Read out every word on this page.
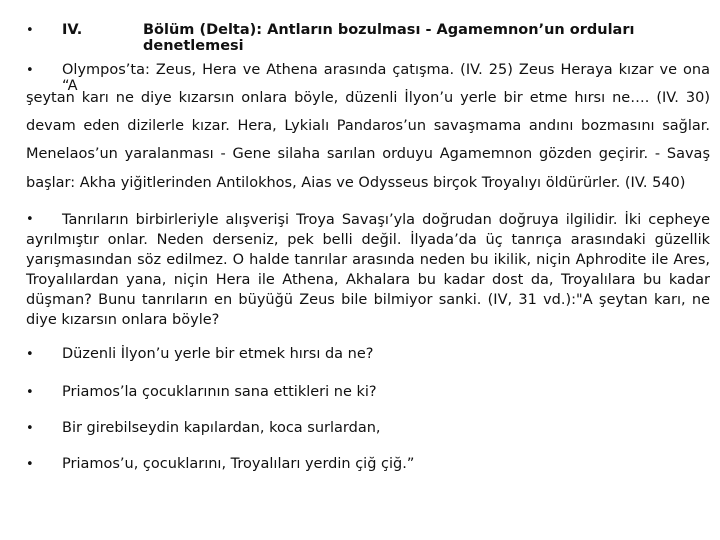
• IV.	Bölüm (Delta): Antların bozulması - Agamemnon’un orduları denetlemesi
• Olympos’ta: Zeus, Hera ve Athena arasında çatışma. (IV. 25) Zeus Heraya kızar ve ona “A
şeytan karı ne diye kızarsın onlara böyle, düzenli İlyon’u yerle bir etme hırsı ne…. (IV. 30)
devam eden dizilerle kızar. Hera, Lykialı Pandaros’un savaşmama andını bozmasını sağlar.
Menelaos’un yaralanması - Gene silaha sarılan orduyu Agamemnon gözden geçirir. - Savaş
başlar: Akha yiğitlerinden Antilokhos, Aias ve Odysseus birçok Troyalıyı öldürürler. (IV. 540)
• Tanrıların birbirleriyle alışverişi Troya Savaşı’yla doğrudan doğruya ilgilidir. İki cepheye
ayrılmıştır onlar. Neden derseniz, pek belli değil. İlyada’da üç tanrıça arasındaki güzellik
yarışmasından söz edilmez. O halde tanrılar arasında neden bu ikilik, niçin Aphrodite ile Ares,
Troyalılardan yana, niçin Hera ile Athena, Akhalara bu kadar dost da, Troyalılara bu kadar
düşman? Bunu tanrıların en büyüğü Zeus bile bilmiyor sanki. (IV, 31 vd.):"A şeytan karı, ne
diye kızarsın onlara böyle?
• Düzenli İlyon’u yerle bir etmek hırsı da ne?
• Priamos’la çocuklarının sana ettikleri ne ki?
• Bir girebilseydin kapılardan, koca surlardan,
• Priamos’u, çocuklarını, Troyalıları yerdin çiğ çiğ.”
